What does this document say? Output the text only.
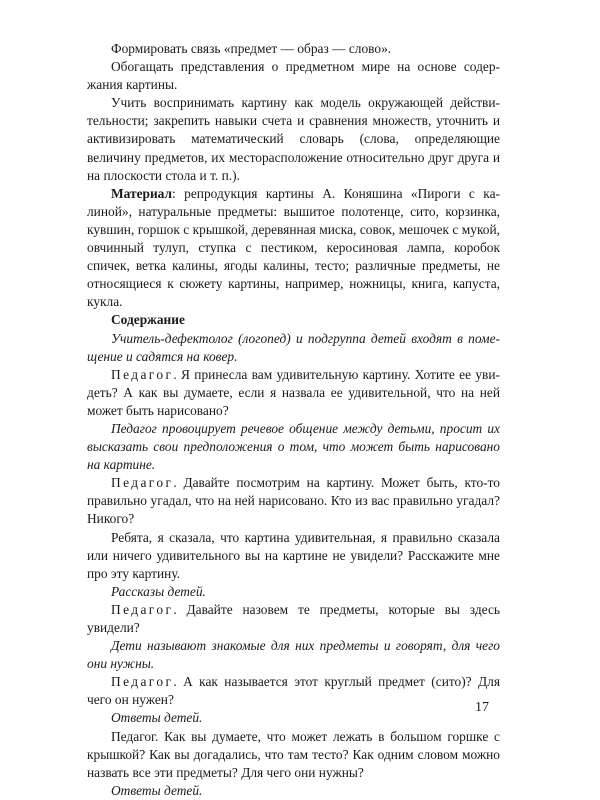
Формировать связь «предмет — образ — слово».

Обогащать представления о предметном мире на основе содержания картины.

Учить воспринимать картину как модель окружающей действительности; закрепить навыки счета и сравнения множеств, уточнить и активизировать математический словарь (слова, определяющие величину предметов, их месторасположение относительно друг друга и на плоскости стола и т. п.).

Материал: репродукция картины А. Коняшина «Пироги с калиной», натуральные предметы: вышитое полотенце, сито, корзинка, кувшин, горшок с крышкой, деревянная миска, совок, мешочек с мукой, овчинный тулуп, ступка с пестиком, керосиновая лампа, коробок спичек, ветка калины, ягоды калины, тесто; различные предметы, не относящиеся к сюжету картины, например, ножницы, книга, капуста, кукла.

Содержание

Учитель-дефектолог (логопед) и подгруппа детей входят в помещение и садятся на ковер.

Педагог. Я принесла вам удивительную картину. Хотите ее увидеть? А как вы думаете, если я назвала ее удивительной, что на ней может быть нарисовано?

Педагог провоцирует речевое общение между детьми, просит их высказать свои предположения о том, что может быть нарисовано на картине.

Педагог. Давайте посмотрим на картину. Может быть, кто-то правильно угадал, что на ней нарисовано. Кто из вас правильно угадал? Никого?

Ребята, я сказала, что картина удивительная, я правильно сказала или ничего удивительного вы на картине не увидели? Расскажите мне про эту картину.

Рассказы детей.

Педагог. Давайте назовем те предметы, которые вы здесь увидели?

Дети называют знакомые для них предметы и говорят, для чего они нужны.

Педагог. А как называется этот круглый предмет (сито)? Для чего он нужен?

Ответы детей.

Педагог. Как вы думаете, что может лежать в большом горшке с крышкой? Как вы догадались, что там тесто? Как одним словом можно назвать все эти предметы? Для чего они нужны?

Ответы детей.

17
